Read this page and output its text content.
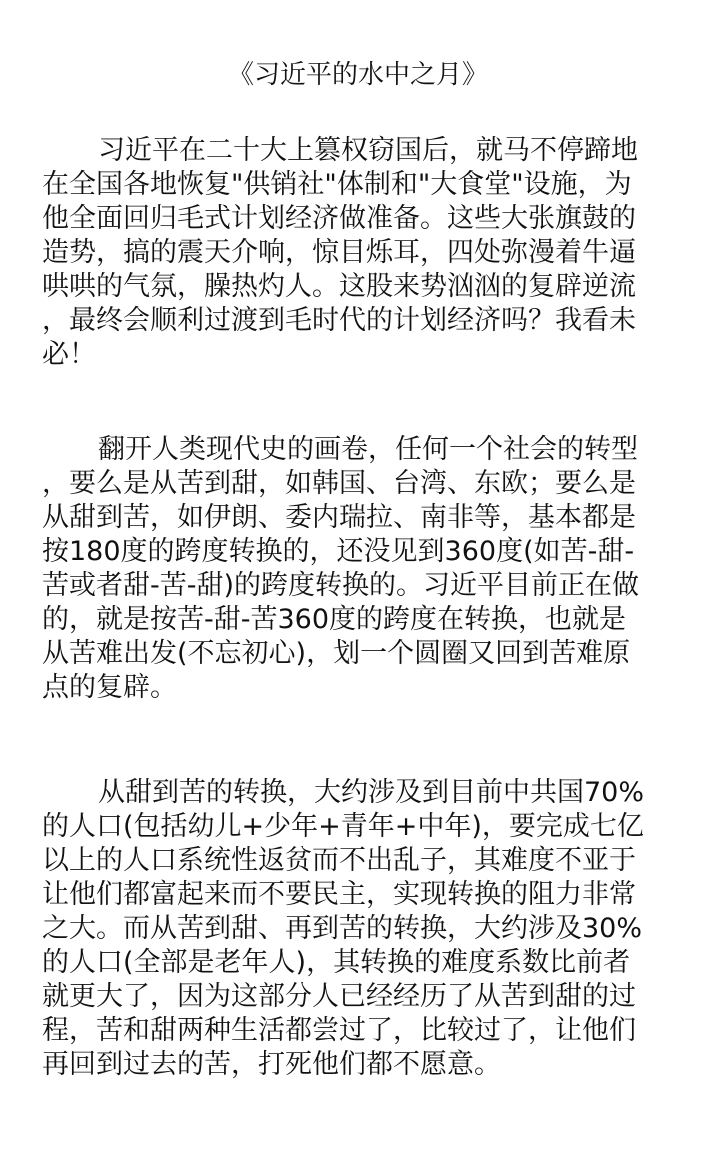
《习近平的水中之月》
习近平在二十大上篡权窃国后，就马不停蹄地
在全国各地恢复"供销社"体制和"大食堂"设施，为
他全面回归毛式计划经济做准备。这些大张旗鼓的
造势，搞的震天介响，惊目烁耳，四处弥漫着牛逼
哄哄的气氛，臊热灼人。这股来势汹汹的复辟逆流
，最终会顺利过渡到毛时代的计划经济吗？我看未
必！
翻开人类现代史的画卷，任何一个社会的转型
，要么是从苦到甜，如韩国、台湾、东欧；要么是
从甜到苦，如伊朗、委内瑞拉、南非等，基本都是
按180度的跨度转换的，还没见到360度(如苦-甜-
苦或者甜-苦-甜)的跨度转换的。习近平目前正在做
的，就是按苦-甜-苦360度的跨度在转换，也就是
从苦难出发(不忘初心)，划一个圆圈又回到苦难原
点的复辟。
从甜到苦的转换，大约涉及到目前中共国70%
的人口(包括幼儿+少年+青年+中年)，要完成七亿
以上的人口系统性返贫而不出乱子，其难度不亚于
让他们都富起来而不要民主，实现转换的阻力非常
之大。而从苦到甜、再到苦的转换，大约涉及30%
的人口(全部是老年人)，其转换的难度系数比前者
就更大了，因为这部分人已经经历了从苦到甜的过
程，苦和甜两种生活都尝过了，比较过了，让他们
再回到过去的苦，打死他们都不愿意。
